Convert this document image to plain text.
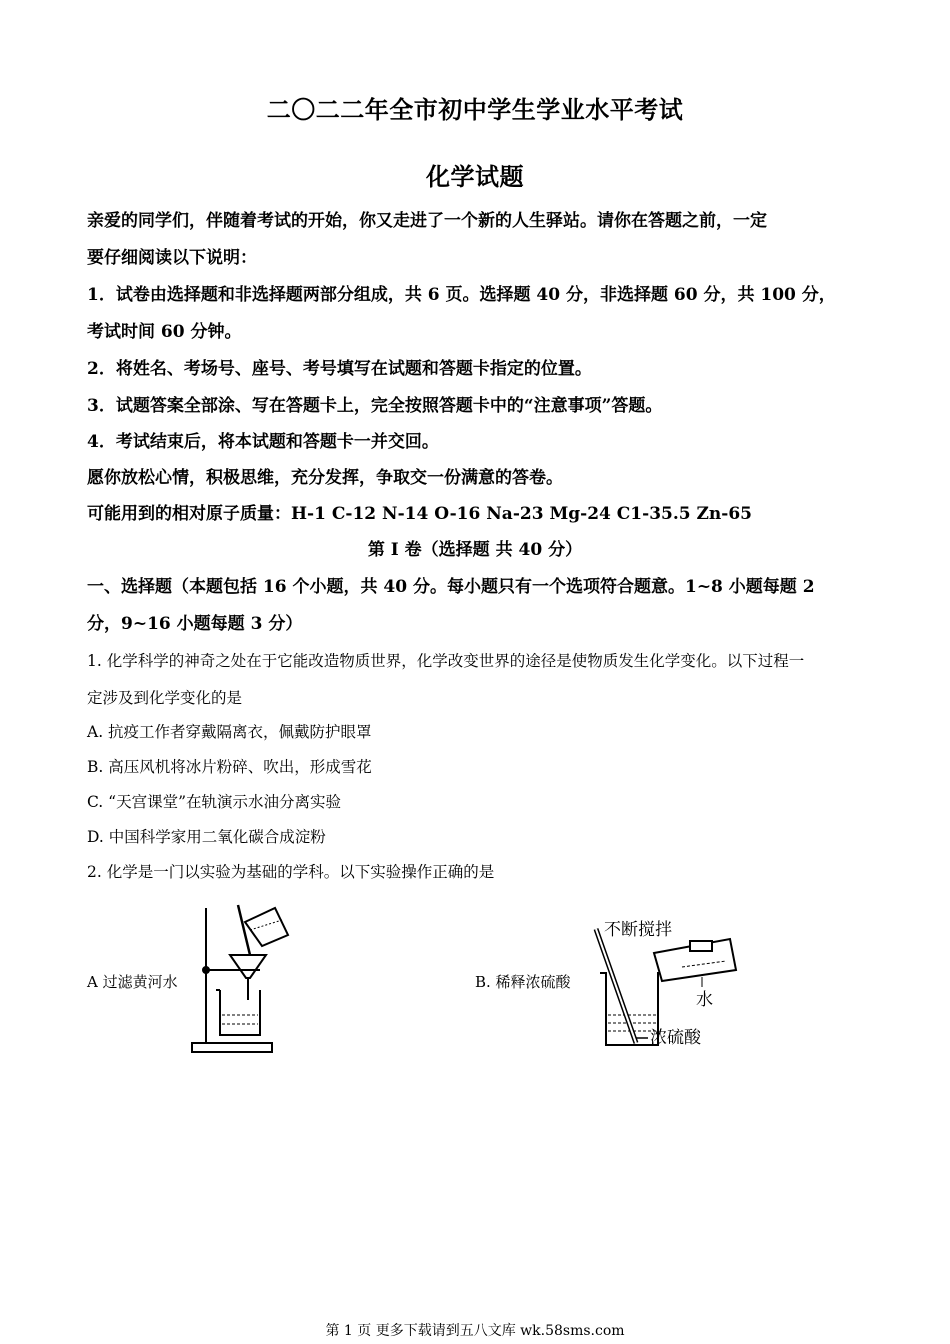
二〇二二年全市初中学生学业水平考试
化学试题
亲爱的同学们，伴随着考试的开始，你又走进了一个新的人生驿站。请你在答题之前，一定
要仔细阅读以下说明：
1．试卷由选择题和非选择题两部分组成，共 6 页。选择题 40 分，非选择题 60 分，共 100 分，
考试时间 60 分钟。
2．将姓名、考场号、座号、考号填写在试题和答题卡指定的位置。
3．试题答案全部涂、写在答题卡上，完全按照答题卡中的“注意事项”答题。
4．考试结束后，将本试题和答题卡一并交回。
愿你放松心情，积极思维，充分发挥，争取交一份满意的答卷。
可能用到的相对原子质量：H-1 C-12 N-14 O-16 Na-23 Mg-24 C1-35.5 Zn-65
第 I 卷（选择题 共 40 分）
一、选择题（本题包括 16 个小题，共 40 分。每小题只有一个选项符合题意。1~8 小题每题 2
分，9~16 小题每题 3 分）
1. 化学科学的神奇之处在于它能改造物质世界，化学改变世界的途径是使物质发生化学变化。以下过程一
定涉及到化学变化的是
A. 抗疫工作者穿戴隔离衣，佩戴防护眼罩
B. 高压风机将冰片粉碎、吹出，形成雪花
C. “天宫课堂”在轨演示水油分离实验
D. 中国科学家用二氧化碳合成淀粉
2. 化学是一门以实验为基础的学科。以下实验操作正确的是
A 过滤黄河水	B. 稀释浓硫酸
不断搅拌
水
浓硫酸
第 1 页 更多下载请到五八文库 wk.58sms.com
